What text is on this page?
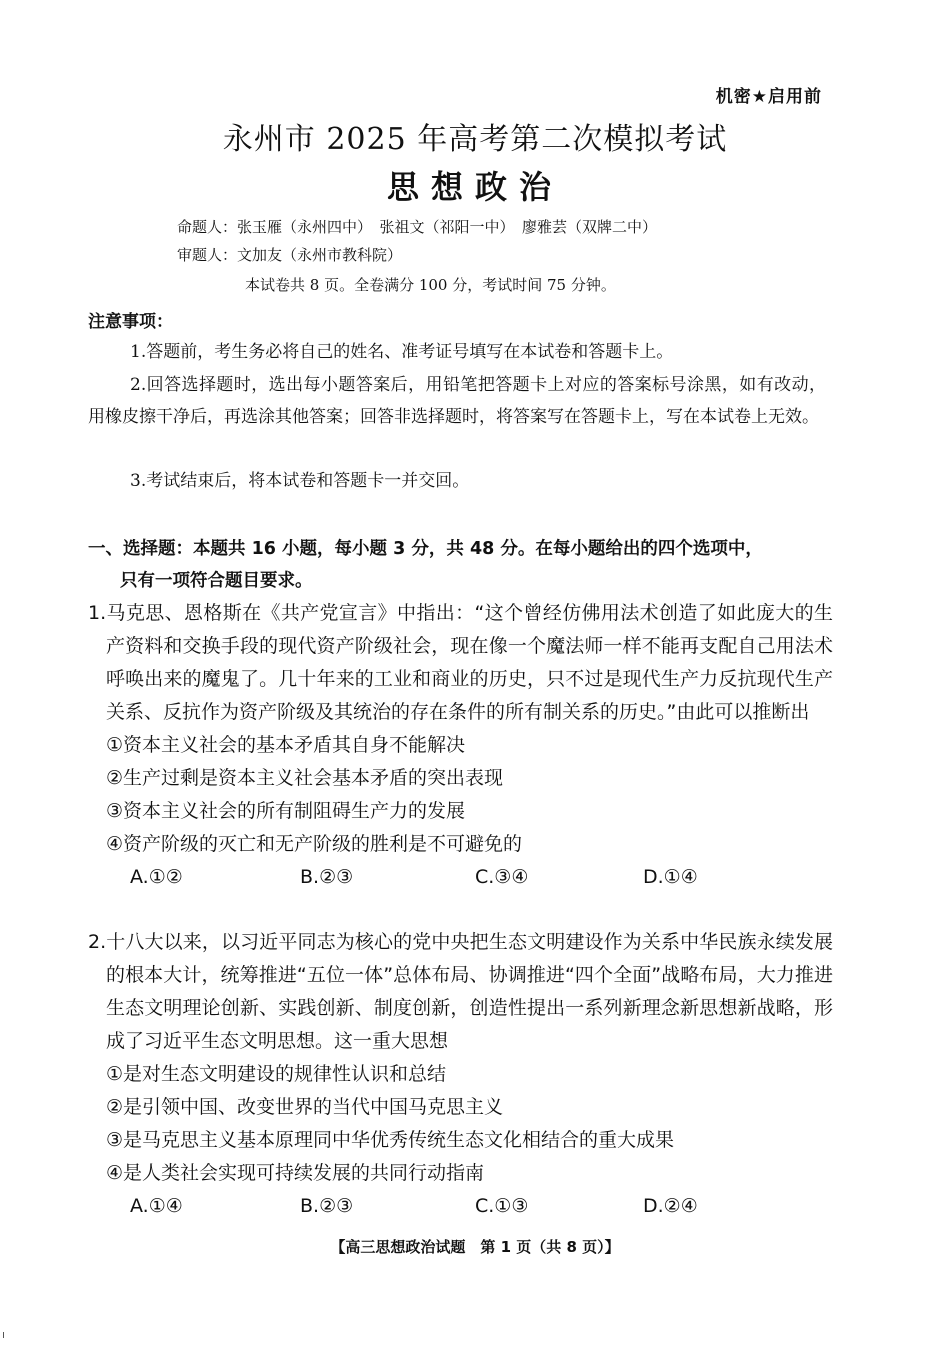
机密★启用前
永州市 2025 年高考第二次模拟考试
思想政治
命题人：张玉雁（永州四中）　张祖文（祁阳一中）　廖雅芸（双牌二中）
审题人：文加友（永州市教科院）
本试卷共 8 页。全卷满分 100 分，考试时间 75 分钟。
注意事项：

1.答题前，考生务必将自己的姓名、准考证号填写在本试卷和答题卡上。

2.回答选择题时，选出每小题答案后，用铅笔把答题卡上对应的答案标号涂黑，如有改动，用橡皮擦干净后，再选涂其他答案；回答非选择题时，将答案写在答题卡上，写在本试卷上无效。

3.考试结束后，将本试卷和答题卡一并交回。

一、选择题：本题共 16 小题，每小题 3 分，共 48 分。在每小题给出的四个选项中，
只有一项符合题目要求。

1.马克思、恩格斯在《共产党宣言》中指出：“这个曾经仿佛用法术创造了如此庞大的生产资料和交换手段的现代资产阶级社会，现在像一个魔法师一样不能再支配自己用法术呼唤出来的魔鬼了。几十年来的工业和商业的历史，只不过是现代生产力反抗现代生产关系、反抗作为资产阶级及其统治的存在条件的所有制关系的历史。”由此可以推断出

①资本主义社会的基本矛盾其自身不能解决

②生产过剩是资本主义社会基本矛盾的突出表现

③资本主义社会的所有制阻碍生产力的发展

④资产阶级的灭亡和无产阶级的胜利是不可避免的

A.①②	B.②③	C.③④	D.①④

2.十八大以来，以习近平同志为核心的党中央把生态文明建设作为关系中华民族永续发展的根本大计，统筹推进“五位一体”总体布局、协调推进“四个全面”战略布局，大力推进生态文明理论创新、实践创新、制度创新，创造性提出一系列新理念新思想新战略，形成了习近平生态文明思想。这一重大思想

①是对生态文明建设的规律性认识和总结

②是引领中国、改变世界的当代中国马克思主义

③是马克思主义基本原理同中华优秀传统生态文化相结合的重大成果

④是人类社会实现可持续发展的共同行动指南

A.①④	B.②③	C.①③	D.②④
【高三思想政治试题　第 1 页（共 8 页）】
